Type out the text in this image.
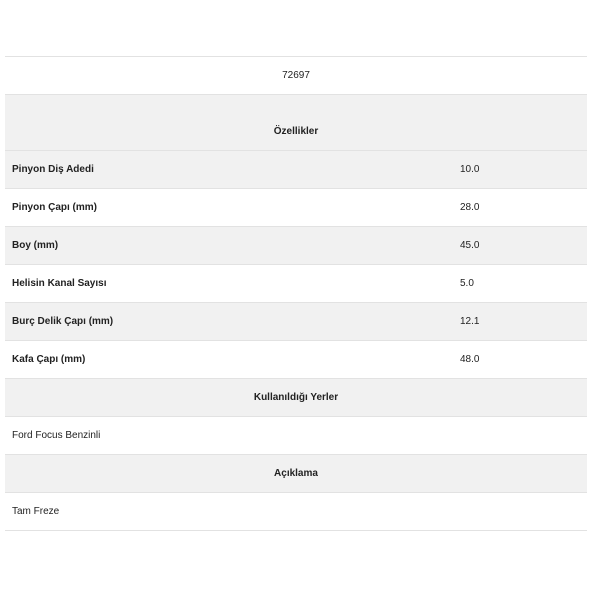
72697
Özellikler
Pinyon Diş Adedi	10.0
Pinyon Çapı (mm)	28.0
Boy (mm)	45.0
Helisin Kanal Sayısı	5.0
Burç Delik Çapı (mm)	12.1
Kafa Çapı (mm)	48.0
Kullanıldığı Yerler
Ford Focus Benzinli
Açıklama
Tam Freze
